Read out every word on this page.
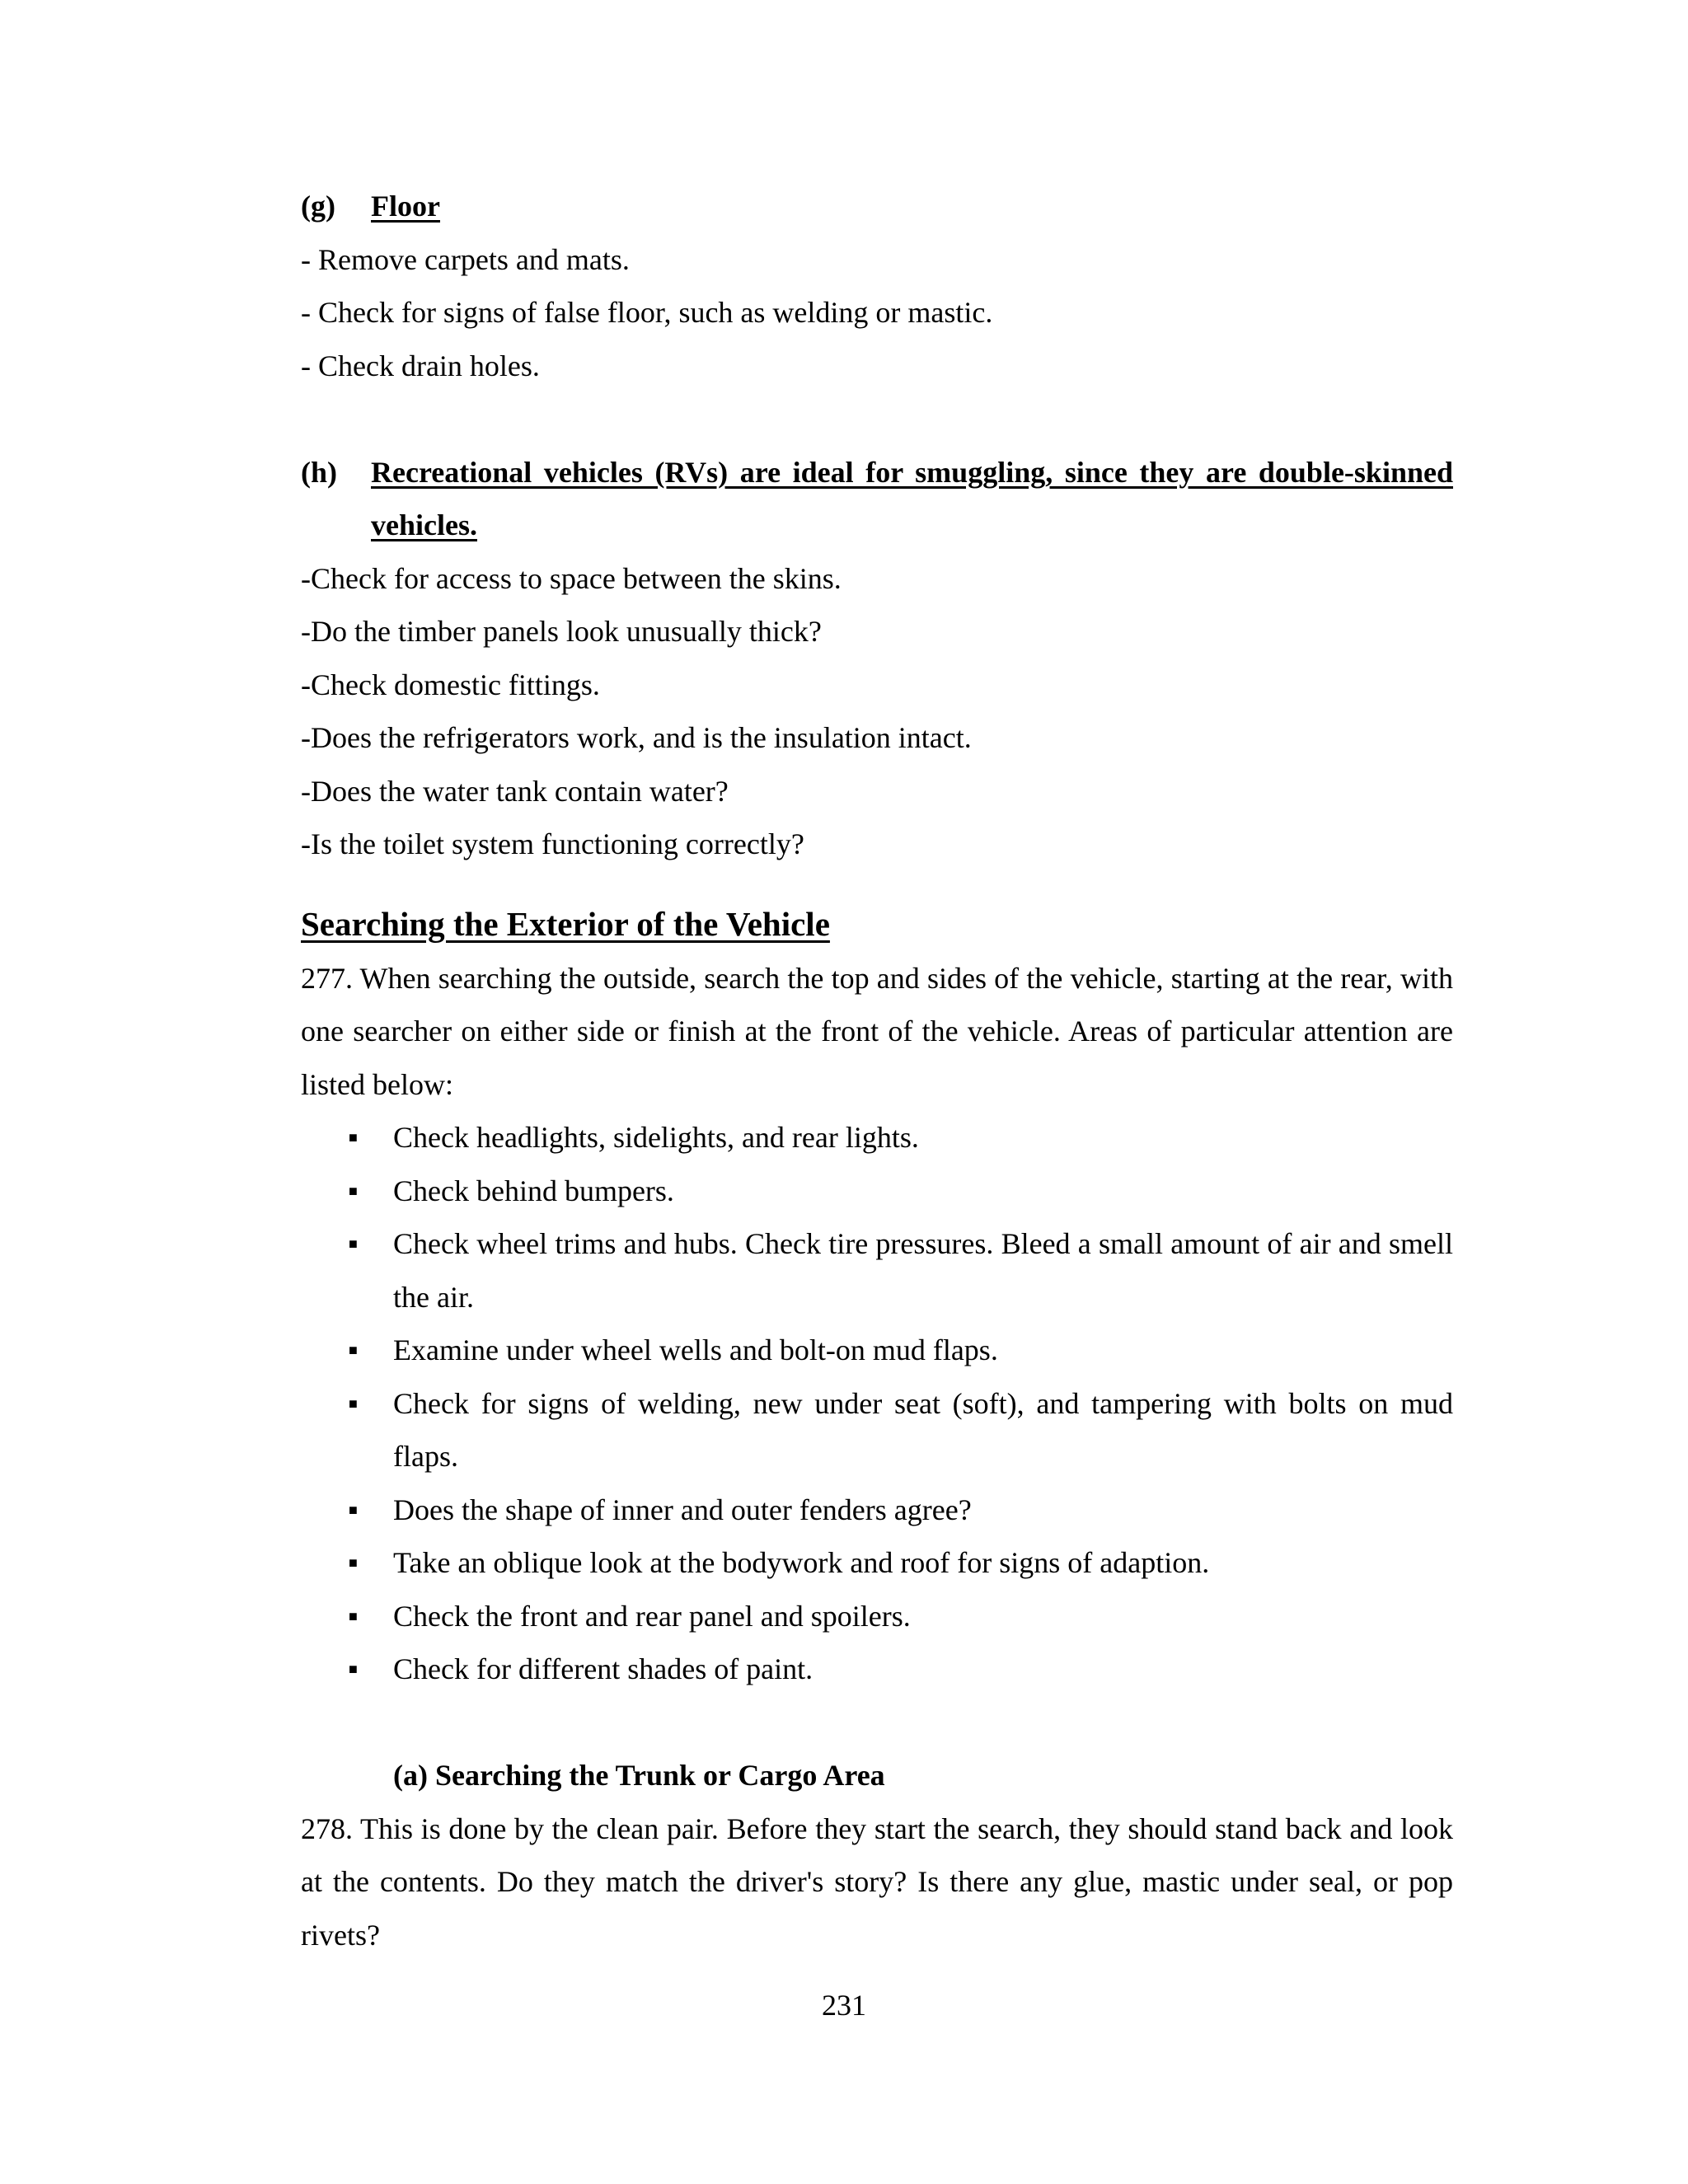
(g)	Floor

- Remove carpets and mats.

- Check for signs of false floor, such as welding or mastic.

- Check drain holes.

(h)	Recreational vehicles (RVs) are ideal for smuggling, since they are double-skinned vehicles.

-Check for access to space between the skins.

-Do the timber panels look unusually thick?

-Check domestic fittings.

-Does the refrigerators work, and is the insulation intact.

-Does the water tank contain water?

-Is the toilet system functioning correctly?

Searching the Exterior of the Vehicle

277. When searching the outside, search the top and sides of the vehicle, starting at the rear, with one searcher on either side or finish at the front of the vehicle. Areas of particular attention are listed below:

■ Check headlights, sidelights, and rear lights.
■ Check behind bumpers.
■ Check wheel trims and hubs. Check tire pressures. Bleed a small amount of air and smell the air.
■ Examine under wheel wells and bolt-on mud flaps.
■ Check for signs of welding, new under seat (soft), and tampering with bolts on mud flaps.
■ Does the shape of inner and outer fenders agree?
■ Take an oblique look at the bodywork and roof for signs of adaption.
■ Check the front and rear panel and spoilers.
■ Check for different shades of paint.
(a) Searching the Trunk or Cargo Area

278. This is done by the clean pair. Before they start the search, they should stand back and look at the contents. Do they match the driver's story? Is there any glue, mastic under seal, or pop rivets?

231
